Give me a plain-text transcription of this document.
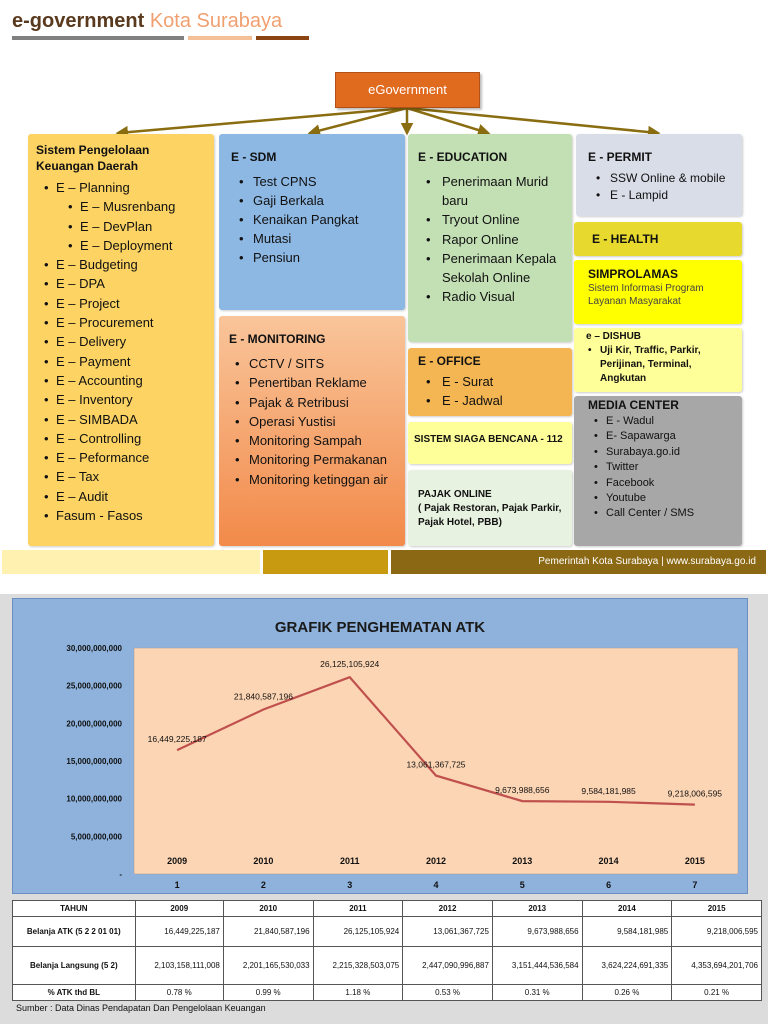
e-government Kota Surabaya
eGovernment
Sistem Pengelolaan Keuangan Daerah
• E – Planning
• E – Musrenbang
• E – DevPlan
• E – Deployment
• E – Budgeting
• E – DPA
• E – Project
• E – Procurement
• E – Delivery
• E – Payment
• E – Accounting
• E – Inventory
• E – SIMBADA
• E – Controlling
• E – Peformance
• E – Tax
• E – Audit
• Fasum - Fasos
E - SDM
• Test CPNS
• Gaji Berkala
• Kenaikan Pangkat
• Mutasi
• Pensiun
E - MONITORING
• CCTV / SITS
• Penertiban Reklame
• Pajak & Retribusi
• Operasi Yustisi
• Monitoring Sampah
• Monitoring Permakanan
• Monitoring ketinggan air
E - EDUCATION
• Penerimaan Murid baru
• Tryout Online
• Rapor Online
• Penerimaan Kepala Sekolah Online
• Radio Visual
E - OFFICE
• E - Surat
• E - Jadwal
SISTEM SIAGA BENCANA - 112
PAJAK ONLINE
( Pajak Restoran, Pajak Parkir, Pajak Hotel, PBB)
E - PERMIT
• SSW Online & mobile
• E - Lampid
E - HEALTH
SIMPROLAMAS
Sistem Informasi Program Layanan Masyarakat
e – DISHUB
• Uji Kir, Traffic, Parkir, Perijinan, Terminal, Angkutan
MEDIA CENTER
• E - Wadul
• E- Sapawarga
• Surabaya.go.id
• Twitter
• Facebook
• Youtube
• Call Center / SMS
Pemerintah Kota Surabaya | www.surabaya.go.id
GRAFIK PENGHEMATAN ATK
-
5,000,000,000
10,000,000,000
15,000,000,000
20,000,000,000
25,000,000,000
30,000,000,000
1	2	3	4	5	6	7
2009	2010	2011	2012	2013	2014	2015
16,449,225,187
21,840,587,196
26,125,105,924
13,061,367,725
9,673,988,656	9,584,181,985	9,218,006,595
TAHUN	2009	2010	2011	2012	2013	2014	2015
Belanja ATK (5 2 2 01 01)	16,449,225,187	21,840,587,196	26,125,105,924	13,061,367,725	9,673,988,656	9,584,181,985	9,218,006,595
Belanja Langsung (5 2)	2,103,158,111,008	2,201,165,530,033	2,215,328,503,075	2,447,090,996,887	3,151,444,536,584	3,624,224,691,335	4,353,694,201,706
% ATK thd BL	0.78 %	0.99 %	1.18 %	0.53 %	0.31 %	0.26 %	0.21 %
Sumber : Data Dinas Pendapatan Dan Pengelolaan Keuangan
